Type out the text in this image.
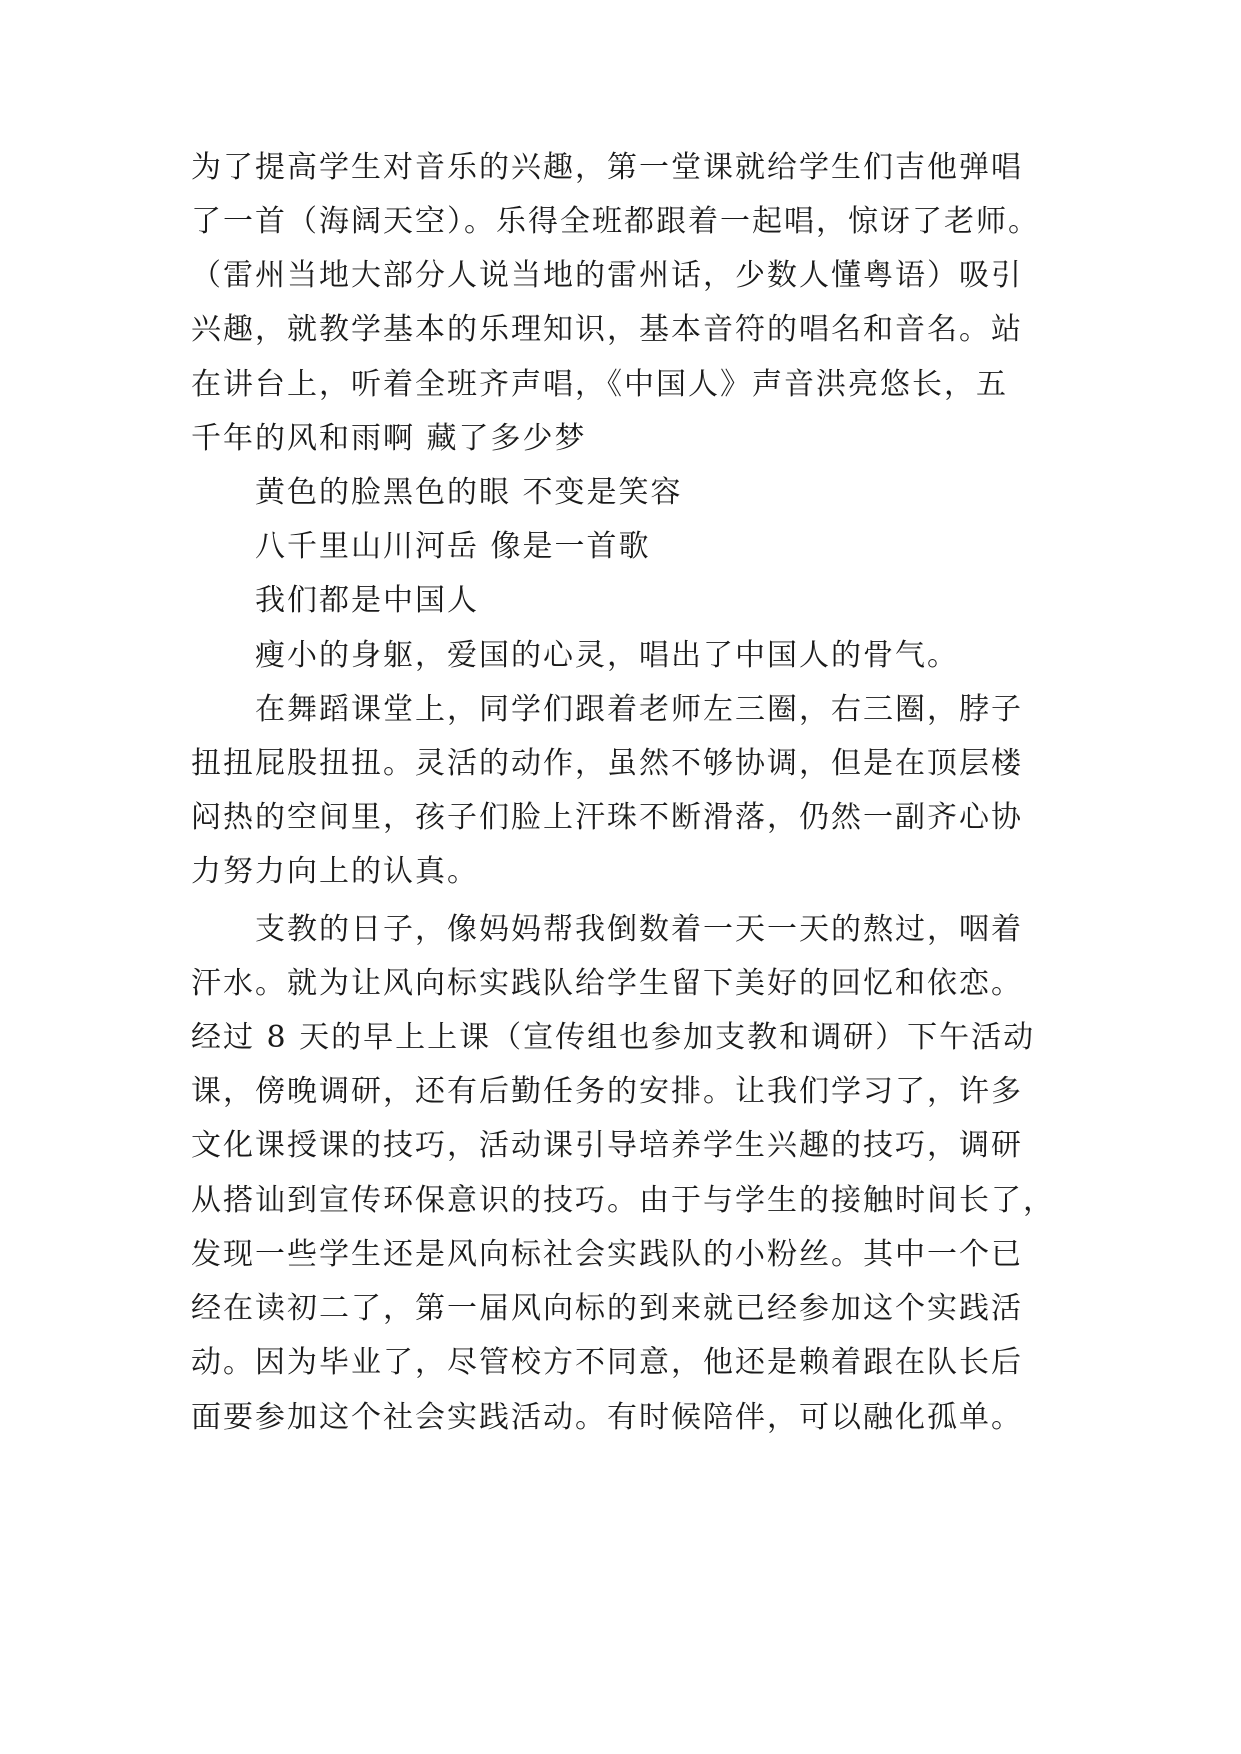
为了提高学生对音乐的兴趣，第一堂课就给学生们吉他弹唱
了一首（海阔天空）。乐得全班都跟着一起唱，惊讶了老师。
（雷州当地大部分人说当地的雷州话，少数人懂粤语）吸引
兴趣，就教学基本的乐理知识，基本音符的唱名和音名。站
在讲台上，听着全班齐声唱，《中国人》声音洪亮悠长，五
千年的风和雨啊 藏了多少梦
黄色的脸黑色的眼 不变是笑容
八千里山川河岳 像是一首歌
我们都是中国人
瘦小的身躯，爱国的心灵，唱出了中国人的骨气。
在舞蹈课堂上，同学们跟着老师左三圈，右三圈，脖子
扭扭屁股扭扭。灵活的动作，虽然不够协调，但是在顶层楼
闷热的空间里，孩子们脸上汗珠不断滑落，仍然一副齐心协
力努力向上的认真。
支教的日子，像妈妈帮我倒数着一天一天的熬过，咽着
汗水。就为让风向标实践队给学生留下美好的回忆和依恋。
经过 8 天的早上上课（宣传组也参加支教和调研）下午活动
课，傍晚调研，还有后勤任务的安排。让我们学习了，许多
文化课授课的技巧，活动课引导培养学生兴趣的技巧，调研
从搭讪到宣传环保意识的技巧。由于与学生的接触时间长了，
发现一些学生还是风向标社会实践队的小粉丝。其中一个已
经在读初二了，第一届风向标的到来就已经参加这个实践活
动。因为毕业了，尽管校方不同意，他还是赖着跟在队长后
面要参加这个社会实践活动。有时候陪伴，可以融化孤单。
